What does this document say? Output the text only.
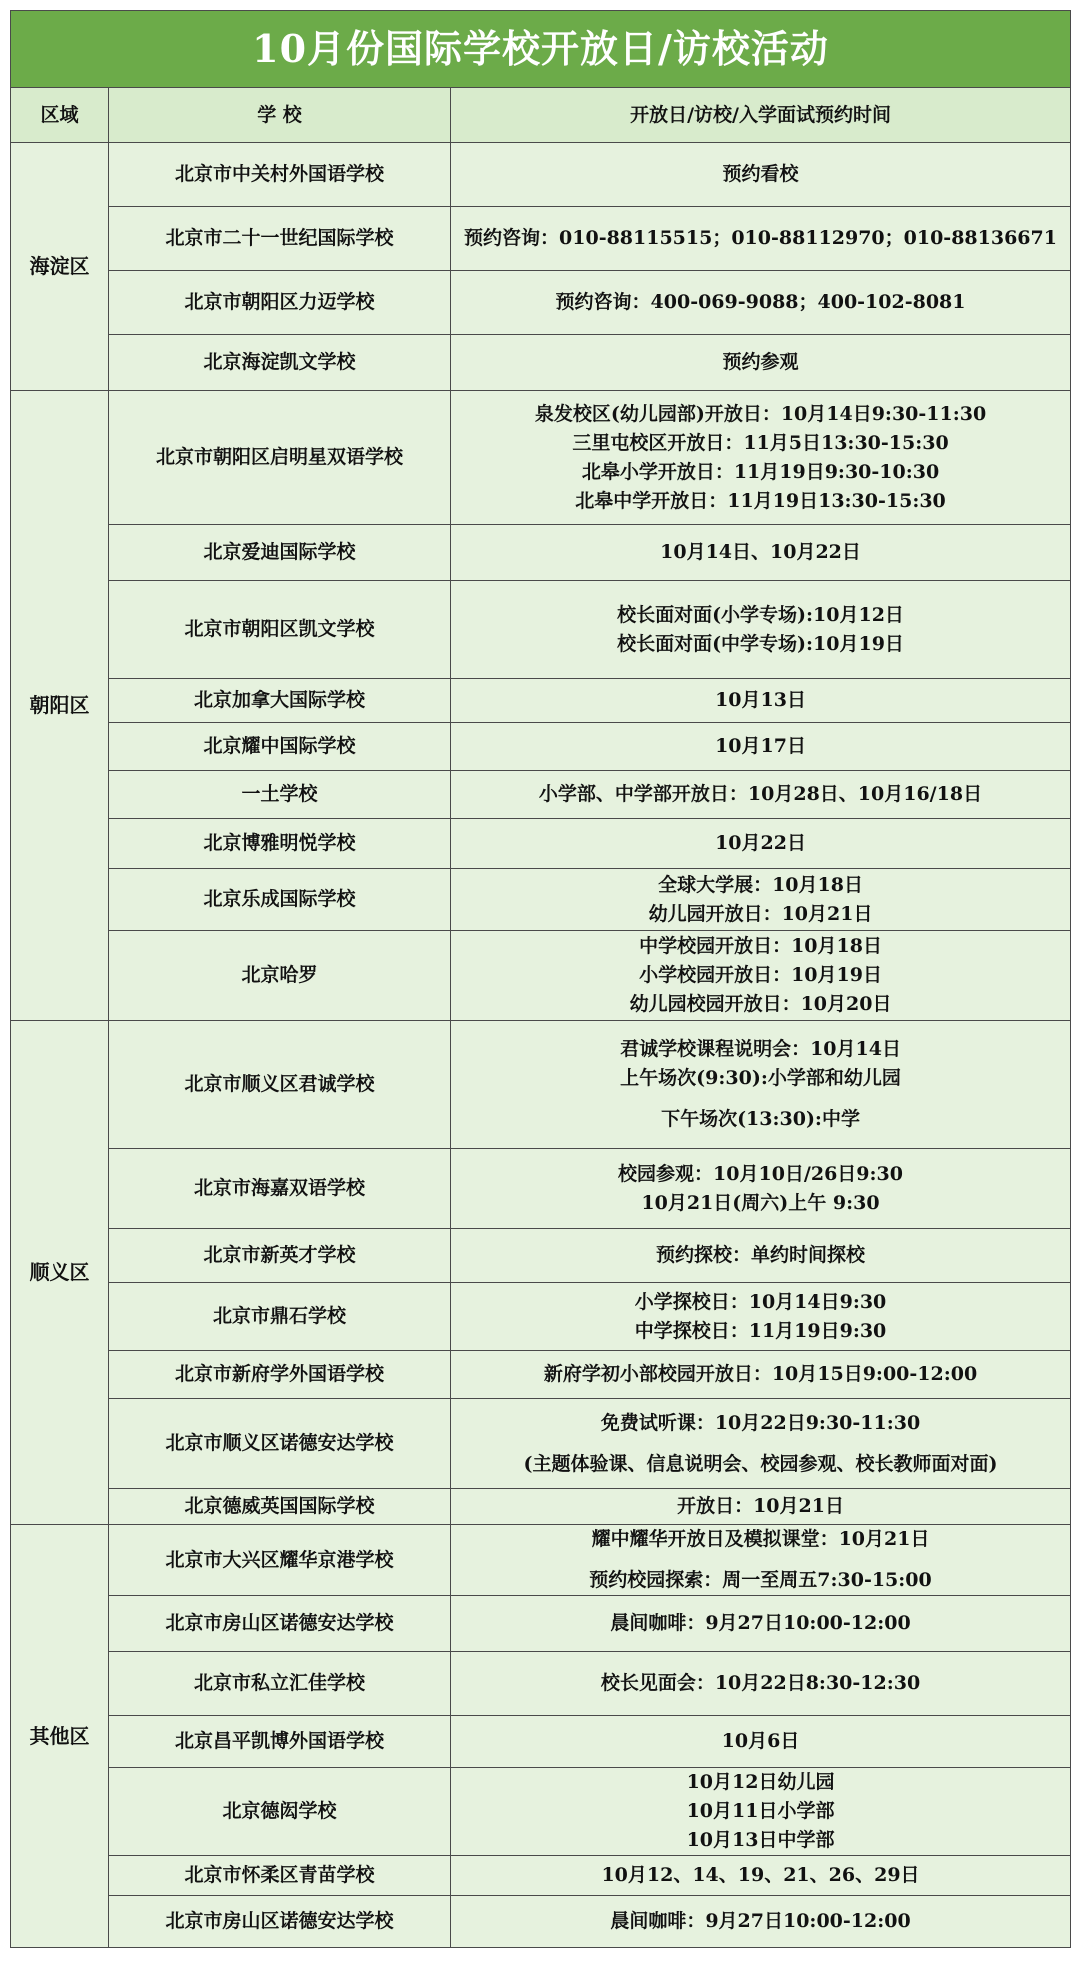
10月份国际学校开放日/访校活动		
区域	学 校	开放日/访校/入学面试预约时间
海淀区	北京市中关村外国语学校	预约看校

	北京市二十一世纪国际学校	预约咨询：010-88115515；010-88112970；010-88136671

	北京市朝阳区力迈学校	预约咨询：400-069-9088；400-102-8081

	北京海淀凯文学校	预约参观

朝阳区	北京市朝阳区启明星双语学校	泉发校区(幼儿园部)开放日：10月14日9:30-11:30
三里屯校区开放日：11月5日13:30-15:30
北皋小学开放日：11月19日9:30-10:30
北皋中学开放日：11月19日13:30-15:30

	北京爱迪国际学校	10月14日、10月22日

	北京市朝阳区凯文学校	校长面对面(小学专场):10月12日
校长面对面(中学专场):10月19日

	北京加拿大国际学校	10月13日

	北京耀中国际学校	10月17日

	一土学校	小学部、中学部开放日：10月28日、10月16/18日

	北京博雅明悦学校	10月22日

	北京乐成国际学校	全球大学展：10月18日
幼儿园开放日：10月21日

	北京哈罗	中学校园开放日：10月18日
小学校园开放日：10月19日
幼儿园校园开放日：10月20日

顺义区	北京市顺义区君诚学校	君诚学校课程说明会：10月14日
上午场次(9:30):小学部和幼儿园
下午场次(13:30):中学

	北京市海嘉双语学校	校园参观：10月10日/26日9:30
10月21日(周六)上午 9:30

	北京市新英才学校	预约探校：单约时间探校

	北京市鼎石学校	小学探校日：10月14日9:30
中学探校日：11月19日9:30

	北京市新府学外国语学校	新府学初小部校园开放日：10月15日9:00-12:00

	北京市顺义区诺德安达学校	免费试听课：10月22日9:30-11:30
(主题体验课、信息说明会、校园参观、校长教师面对面)

	北京德威英国国际学校	开放日：10月21日

其他区	北京市大兴区耀华京港学校	耀中耀华开放日及模拟课堂：10月21日
预约校园探索：周一至周五7:30-15:00

	北京市房山区诺德安达学校	晨间咖啡：9月27日10:00-12:00

	北京市私立汇佳学校	校长见面会：10月22日8:30-12:30

	北京昌平凯博外国语学校	10月6日

	北京德闳学校	10月12日幼儿园
10月11日小学部
10月13日中学部

	北京市怀柔区青苗学校	10月12、14、19、21、26、29日

	北京市房山区诺德安达学校	晨间咖啡：9月27日10:00-12:00
